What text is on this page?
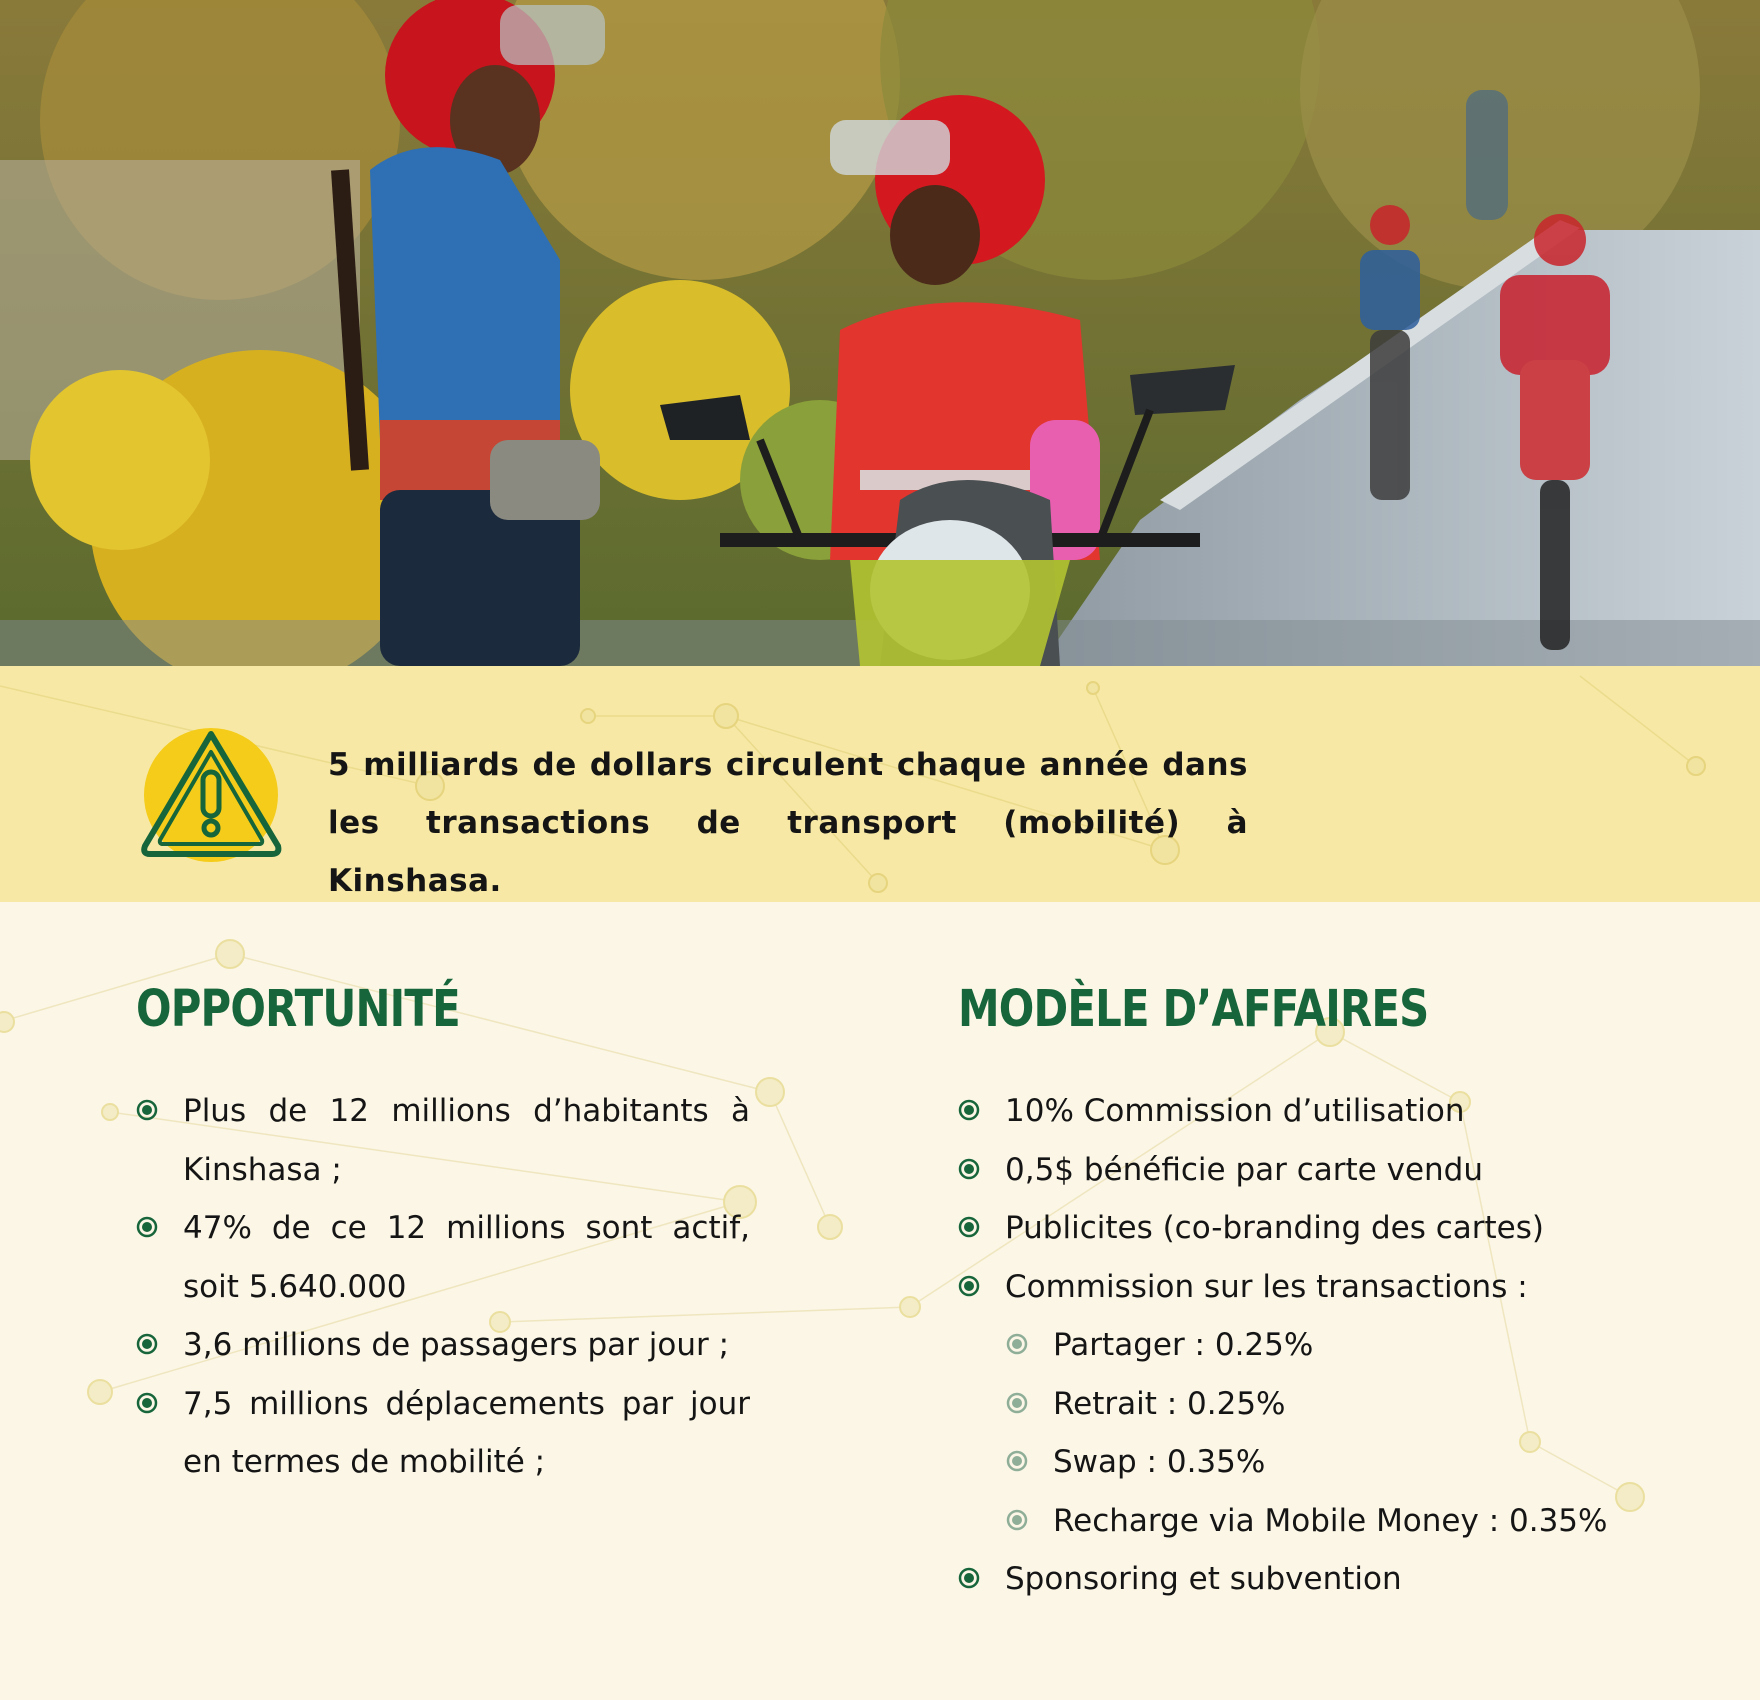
5 milliards de dollars circulent chaque année dans les transactions de transport (mobilité) à Kinshasa.
OPPORTUNITÉ
Plus de 12 millions d’habitants à Kinshasa ;
47% de ce 12 millions sont actif, soit 5.640.000
3,6 millions de passagers par jour ;
7,5 millions déplacements par jour en termes de mobilité ;
MODÈLE D’AFFAIRES
10% Commission d’utilisation
0,5$ bénéficie par carte vendu
Publicites (co-branding des cartes)
Commission sur les transactions :
Partager : 0.25%
Retrait : 0.25%
Swap : 0.35%
Recharge via Mobile Money : 0.35%
Sponsoring et subvention
